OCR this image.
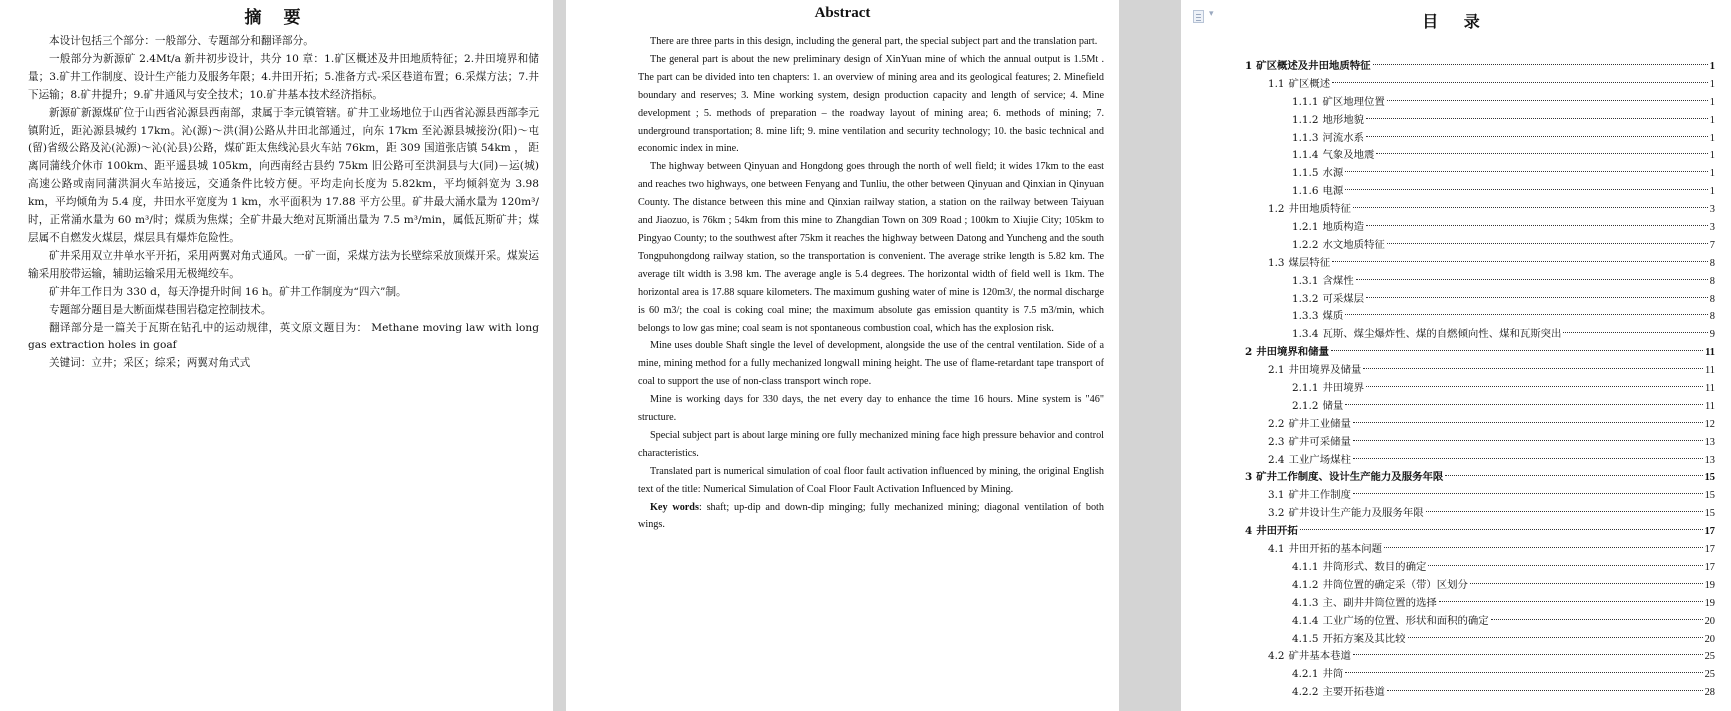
摘 要

本设计包括三个部分：一般部分、专题部分和翻译部分。

一般部分为新源矿 2.4Mt/a 新井初步设计，共分 10 章：1.矿区概述及井田地质特征；2.井田境界和储量；3.矿井工作制度、设计生产能力及服务年限；4.井田开拓；5.准备方式-采区巷道布置；6.采煤方法；7.井下运输；8.矿井提升；9.矿井通风与安全技术；10.矿井基本技术经济指标。

新源矿新源煤矿位于山西省沁源县西南部，隶属于李元镇管辖。矿井工业场地位于山西省沁源县西部李元镇附近，距沁源县城约 17km。沁(源)～洪(洞)公路从井田北部通过，向东 17km 至沁源县城接汾(阳)～屯(留)省级公路及沁(沁源)～沁(沁县)公路，煤矿距太焦线沁县火车站 76km，距 309 国道张店镇 54km ， 距离同蒲线介休市 100km、距平遥县城 105km，向西南经古县约 75km 旧公路可至洪洞县与大(同)－运(城)高速公路或南同蒲洪洞火车站接远，交通条件比较方便。平均走向长度为 5.82km，平均倾斜宽为 3.98 km，平均倾角为 5.4 度，井田水平宽度为 1 km，水平面积为 17.88 平方公里。矿井最大涌水量为 120m³/时，正常涌水量为 60 m³/时；煤质为焦煤；全矿井最大绝对瓦斯涌出量为 7.5 m³/min，属低瓦斯矿井；煤层属不自燃发火煤层，煤层具有爆炸危险性。

矿井采用双立井单水平开拓，采用两翼对角式通风。一矿一面，采煤方法为长壁综采放顶煤开采。煤炭运输采用胶带运输，辅助运输采用无极绳绞车。

矿井年工作日为 330 d，每天净提升时间 16 h。矿井工作制度为“四六”制。

专题部分题目是大断面煤巷围岩稳定控制技术。

翻译部分是一篇关于瓦斯在钻孔中的运动规律，英文原文题目为： Methane moving law with long gas extraction holes in goaf

关键词：立井；采区；综采；两翼对角式式

Abstract

There are three parts in this design, including the general part, the special subject part and the translation part.

The general part is about the new preliminary design of XinYuan mine of which the annual output is 1.5Mt . The part can be divided into ten chapters: 1. an overview of mining area and its geological features; 2. Minefield boundary and reserves; 3. Mine working system, design production capacity and length of service; 4. Mine development ; 5. methods of preparation – the roadway layout of mining area; 6. methods of mining; 7. underground transportation; 8. mine lift; 9. mine ventilation and security technology; 10. the basic technical and economic index in mine.

The highway between Qinyuan and Hongdong goes through the north of well field; it wides 17km to the east and reaches two highways, one between Fenyang and Tunliu, the other between Qinyuan and Qinxian in Qinyuan County. The distance between this mine and Qinxian railway station, a station on the railway between Taiyuan and Jiaozuo, is 76km ; 54km from this mine to Zhangdian Town on 309 Road ; 100km to Xiujie City; 105km to Pingyao County; to the southwest after 75km it reaches the highway between Datong and Yuncheng and the south Tongpuhongdong railway station, so the transportation is convenient. The average strike length is 5.82 km. The average tilt width is 3.98 km. The average angle is 5.4 degrees. The horizontal width of field well is 1km. The horizontal area is 17.88 square kilometers. The maximum gushing water of mine is 120m3/, the normal discharge is 60 m3/; the coal is coking coal mine; the maximum absolute gas emission quantity is 7.5 m3/min, which belongs to low gas mine; coal seam is not spontaneous combustion coal, which has the explosion risk.

Mine uses double Shaft single the level of development, alongside the use of the central ventilation. Side of a mine, mining method for a fully mechanized longwall mining height. The use of flame-retardant tape transport of coal to support the use of non-class transport winch rope.

Mine is working days for 330 days, the net every day to enhance the time 16 hours. Mine system is "46" structure.

Special subject part is about large mining ore fully mechanized mining face high pressure behavior and control characteristics.

Translated part is numerical simulation of coal floor fault activation influenced by mining, the original English text of the title: Numerical Simulation of Coal Floor Fault Activation Influenced by Mining.

Key words: shaft; up-dip and down-dip minging; fully mechanized mining; diagonal ventilation of both wings.

▾	目 录
1 矿区概述及井田地质特征	1
1.1 矿区概述	1
1.1.1 矿区地理位置	1
1.1.2 地形地貌	1
1.1.3 河流水系	1
1.1.4 气象及地震	1
1.1.5 水源	1
1.1.6 电源	1
1.2 井田地质特征	3
1.2.1 地质构造	3
1.2.2 水文地质特征	7
1.3 煤层特征	8
1.3.1 含煤性	8
1.3.2 可采煤层	8
1.3.3 煤质	8
1.3.4 瓦斯、煤尘爆炸性、煤的自燃倾向性、煤和瓦斯突出	9
2 井田境界和储量	11
2.1 井田境界及储量	11
2.1.1 井田境界	11
2.1.2 储量	11
2.2 矿井工业储量	12
2.3 矿井可采储量	13
2.4 工业广场煤柱	13
3 矿井工作制度、设计生产能力及服务年限	15
3.1 矿井工作制度	15
3.2 矿井设计生产能力及服务年限	15
4 井田开拓	17
4.1 井田开拓的基本问题	17
4.1.1 井筒形式、数目的确定	17
4.1.2 井筒位置的确定采（带）区划分	19
4.1.3 主、副井井筒位置的选择	19
4.1.4 工业广场的位置、形状和面积的确定	20
4.1.5 开拓方案及其比较	20
4.2 矿井基本巷道	25
4.2.1 井筒	25
4.2.2 主要开拓巷道	28
